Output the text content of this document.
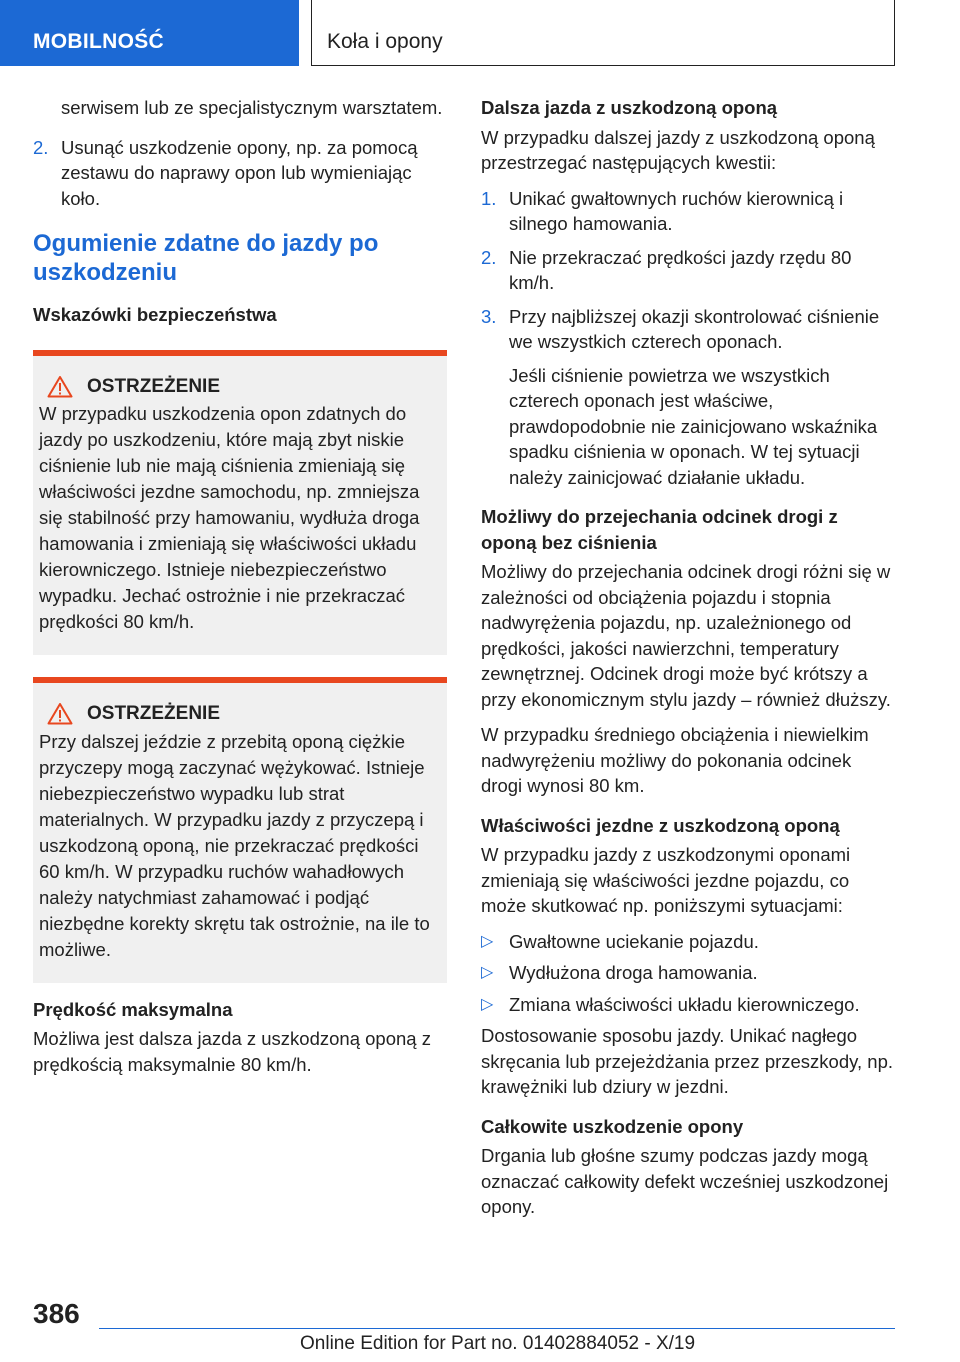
MOBILNOŚĆ	Koła i opony

serwisem lub ze specjalistycznym warsztatem.

2. Usunąć uszkodzenie opony, np. za pomocą zestawu do naprawy opon lub wymieniając koło.
Ogumienie zdatne do jazdy po uszkodzeniu
Wskazówki bezpieczeństwa
OSTRZEŻENIE
W przypadku uszkodzenia opon zdatnych do jazdy po uszkodzeniu, które mają zbyt niskie ciśnienie lub nie mają ciśnienia zmieniają się właściwości jezdne samochodu, np. zmniejsza się stabilność przy hamowaniu, wydłuża droga hamowania i zmieniają się właściwości układu kierowniczego. Istnieje niebezpieczeństwo wypadku. Jechać ostrożnie i nie przekraczać prędkości 80 km/h.
OSTRZEŻENIE
Przy dalszej jeździe z przebitą oponą ciężkie przyczepy mogą zaczynać wężykować. Istnieje niebezpieczeństwo wypadku lub strat materialnych. W przypadku jazdy z przyczepą i uszkodzoną oponą, nie przekraczać prędkości 60 km/h. W przypadku ruchów wahadłowych należy natychmiast zahamować i podjąć niezbędne korekty skrętu tak ostrożnie, na ile to możliwe.
Prędkość maksymalna

Możliwa jest dalsza jazda z uszkodzoną oponą z prędkością maksymalnie 80 km/h.

Dalsza jazda z uszkodzoną oponą

W przypadku dalszej jazdy z uszkodzoną oponą przestrzegać następujących kwestii:

1. Unikać gwałtownych ruchów kierownicą i silnego hamowania.
2. Nie przekraczać prędkości jazdy rzędu 80 km/h.
3. Przy najbliższej okazji skontrolować ciśnienie we wszystkich czterech oponach.

Jeśli ciśnienie powietrza we wszystkich czterech oponach jest właściwe, prawdopodobnie nie zainicjowano wskaźnika spadku ciśnienia w oponach. W tej sytuacji należy zainicjować działanie układu.

Możliwy do przejechania odcinek drogi z oponą bez ciśnienia

Możliwy do przejechania odcinek drogi różni się w zależności od obciążenia pojazdu i stopnia nadwyrężenia pojazdu, np. uzależnionego od prędkości, jakości nawierzchni, temperatury zewnętrznej. Odcinek drogi może być krótszy a przy ekonomicznym stylu jazdy – również dłuższy.

W przypadku średniego obciążenia i niewielkim nadwyrężeniu możliwy do pokonania odcinek drogi wynosi 80 km.

Właściwości jezdne z uszkodzoną oponą

W przypadku jazdy z uszkodzonymi oponami zmieniają się właściwości jezdne pojazdu, co może skutkować np. poniższymi sytuacjami:

▷ Gwałtowne uciekanie pojazdu.
▷ Wydłużona droga hamowania.
▷ Zmiana właściwości układu kierowniczego.

Dostosowanie sposobu jazdy. Unikać nagłego skręcania lub przejeżdżania przez przeszkody, np. krawężniki lub dziury w jezdni.

Całkowite uszkodzenie opony

Drgania lub głośne szumy podczas jazdy mogą oznaczać całkowity defekt wcześniej uszkodzonej opony.

386
Online Edition for Part no. 01402884052 - X/19
